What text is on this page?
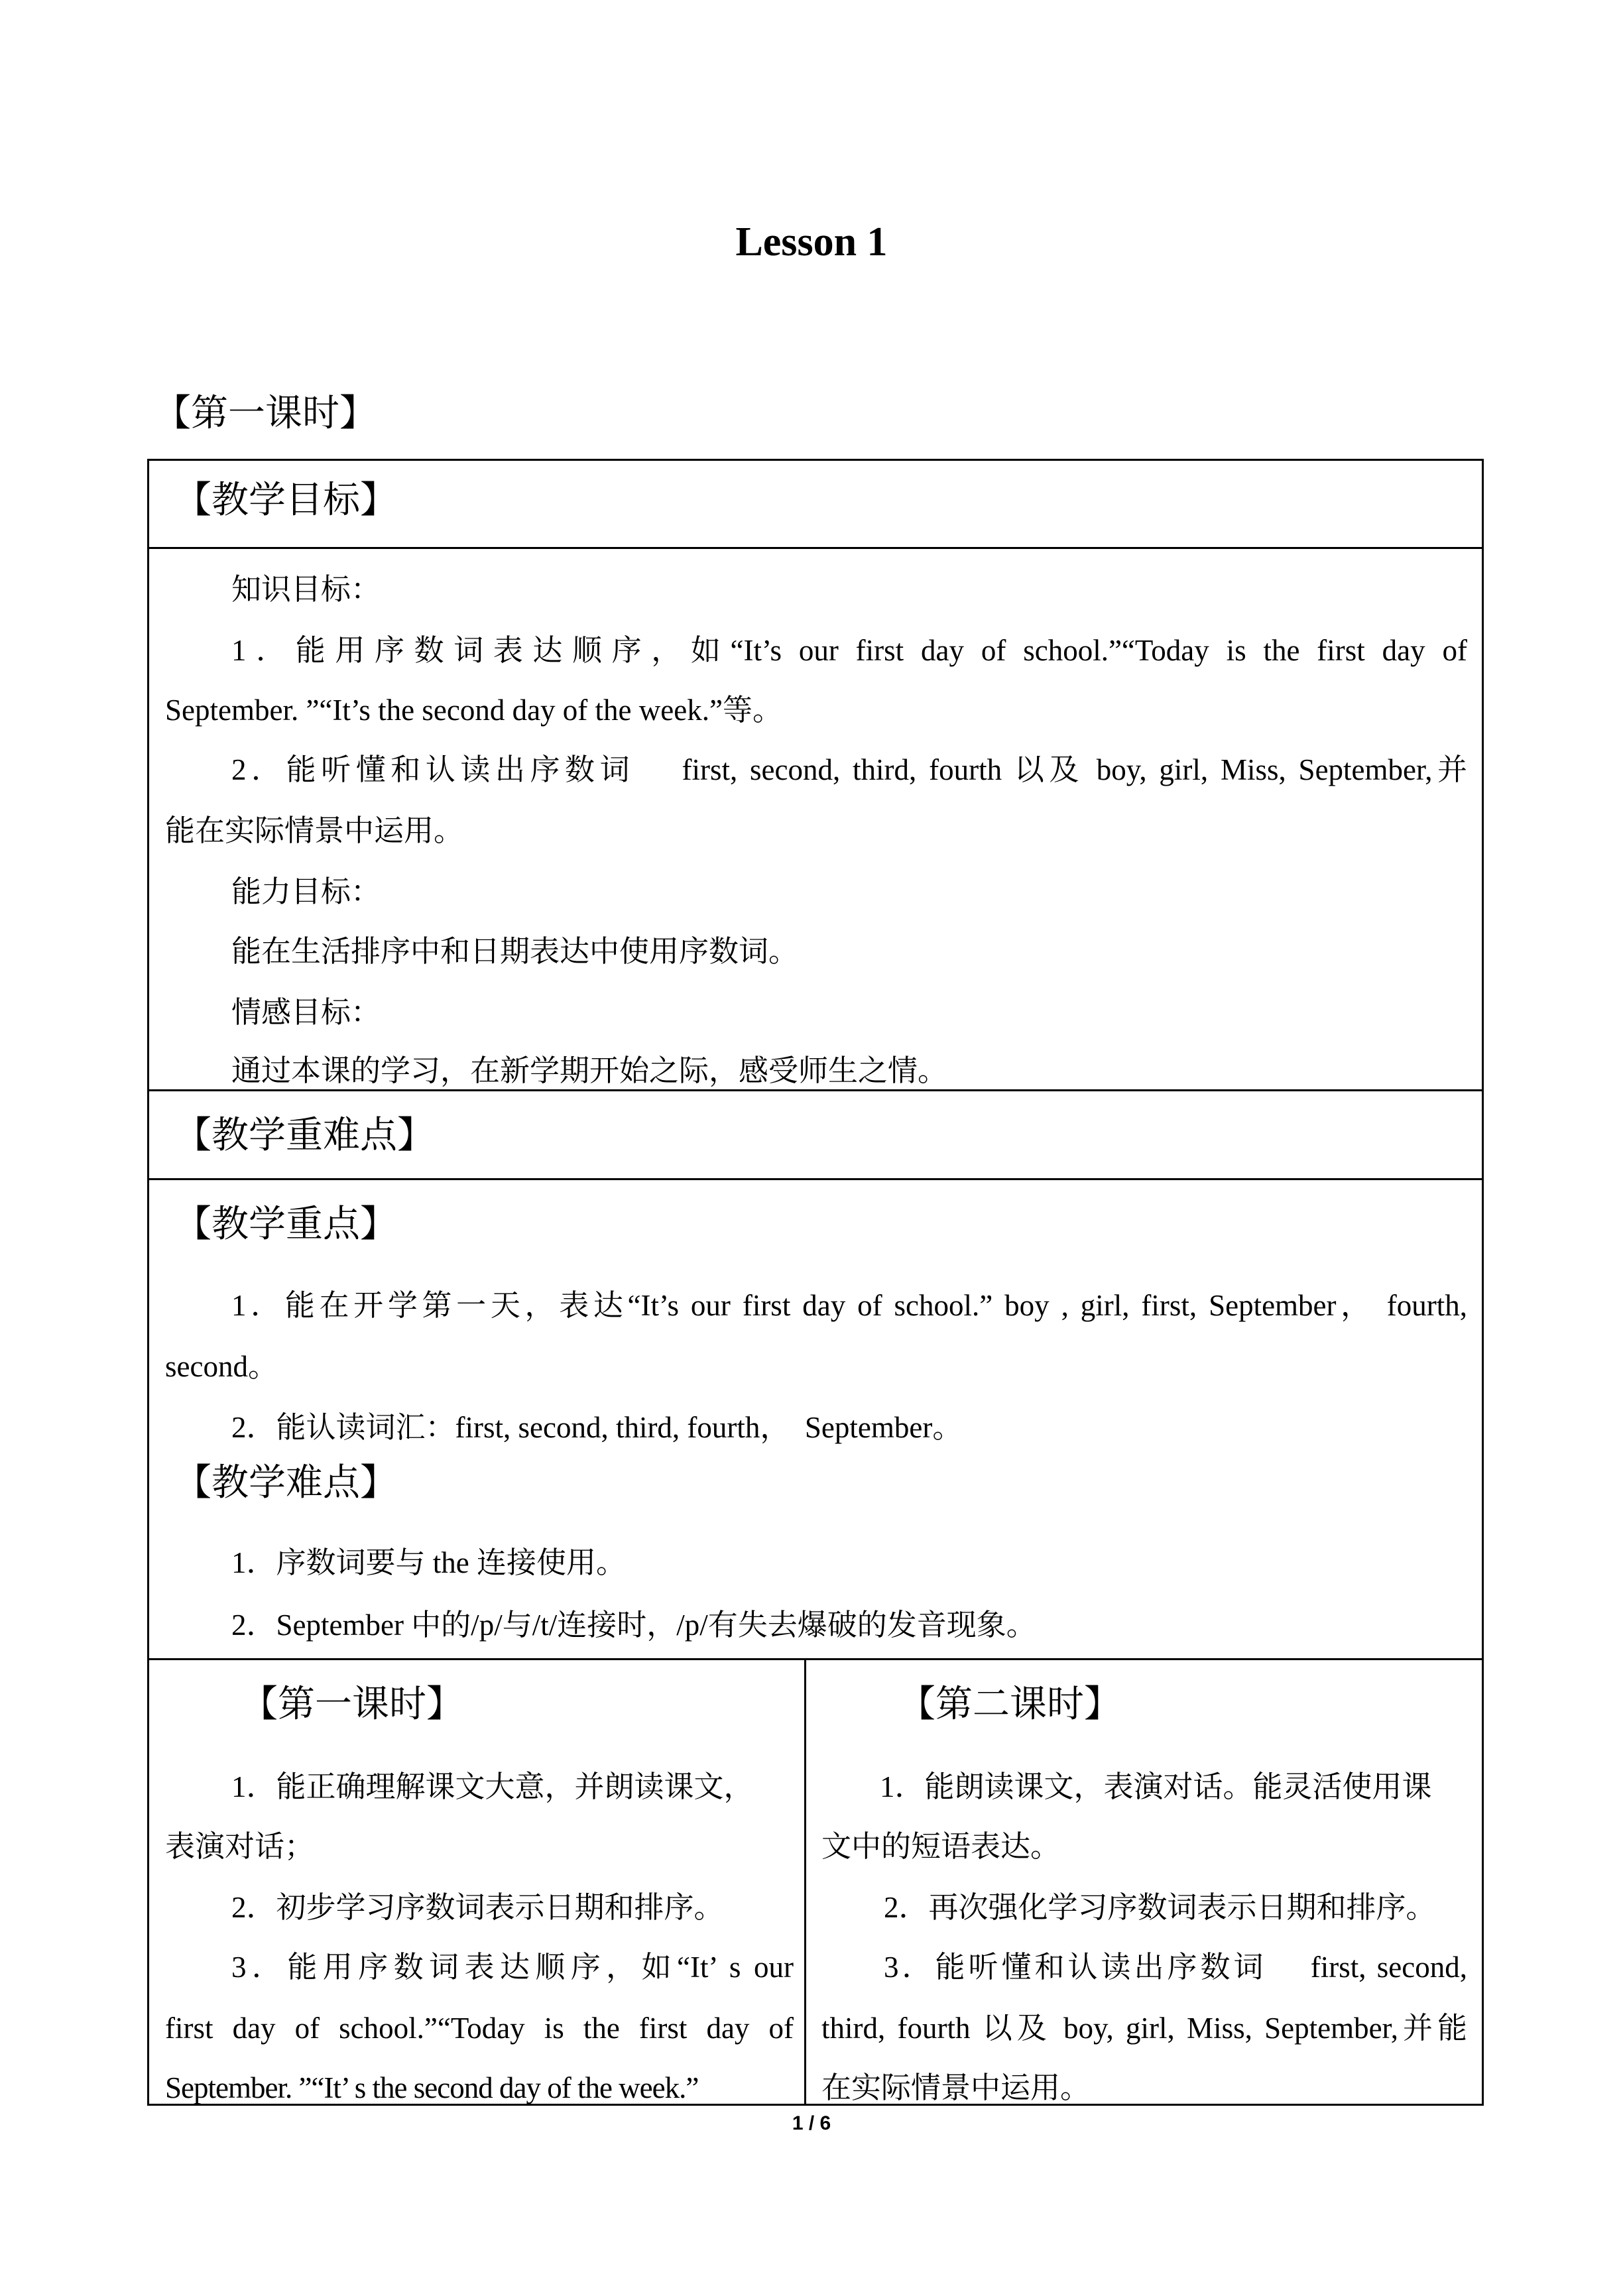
Lesson 1
【第一课时】
【教学目标】
知识目标：
1．能用序数词表达顺序，如“It’s our first day of school.”“Today is the first day of
September. ”“It’s the second day of the week.”等。
2．能听懂和认读出序数词　 first, second, third, fourth 以及 boy, girl, Miss, September,并
能在实际情景中运用。
能力目标：
能在生活排序中和日期表达中使用序数词。
情感目标：
通过本课的学习，在新学期开始之际，感受师生之情。
【教学重难点】
【教学重点】
1．能在开学第一天，表达“It’s our first day of school.” boy , girl, first, September， fourth,
second。
2．能认读词汇：first, second, third, fourth，　September。
【教学难点】
1．序数词要与 the 连接使用。
2．September 中的/p/与/t/连接时，/p/有失去爆破的发音现象。
【第一课时】
1．能正确理解课文大意，并朗读课文，
表演对话；
2．初步学习序数词表示日期和排序。
3．能用序数词表达顺序，如“It’ s our
first day of school.”“Today is the first day of
September. ”“It’ s the second day of the week.”
【第二课时】
1．能朗读课文，表演对话。能灵活使用课
文中的短语表达。
2．再次强化学习序数词表示日期和排序。
3．能听懂和认读出序数词　 first, second,
third, fourth 以及 boy, girl, Miss, September,并能
在实际情景中运用。
1 / 6
